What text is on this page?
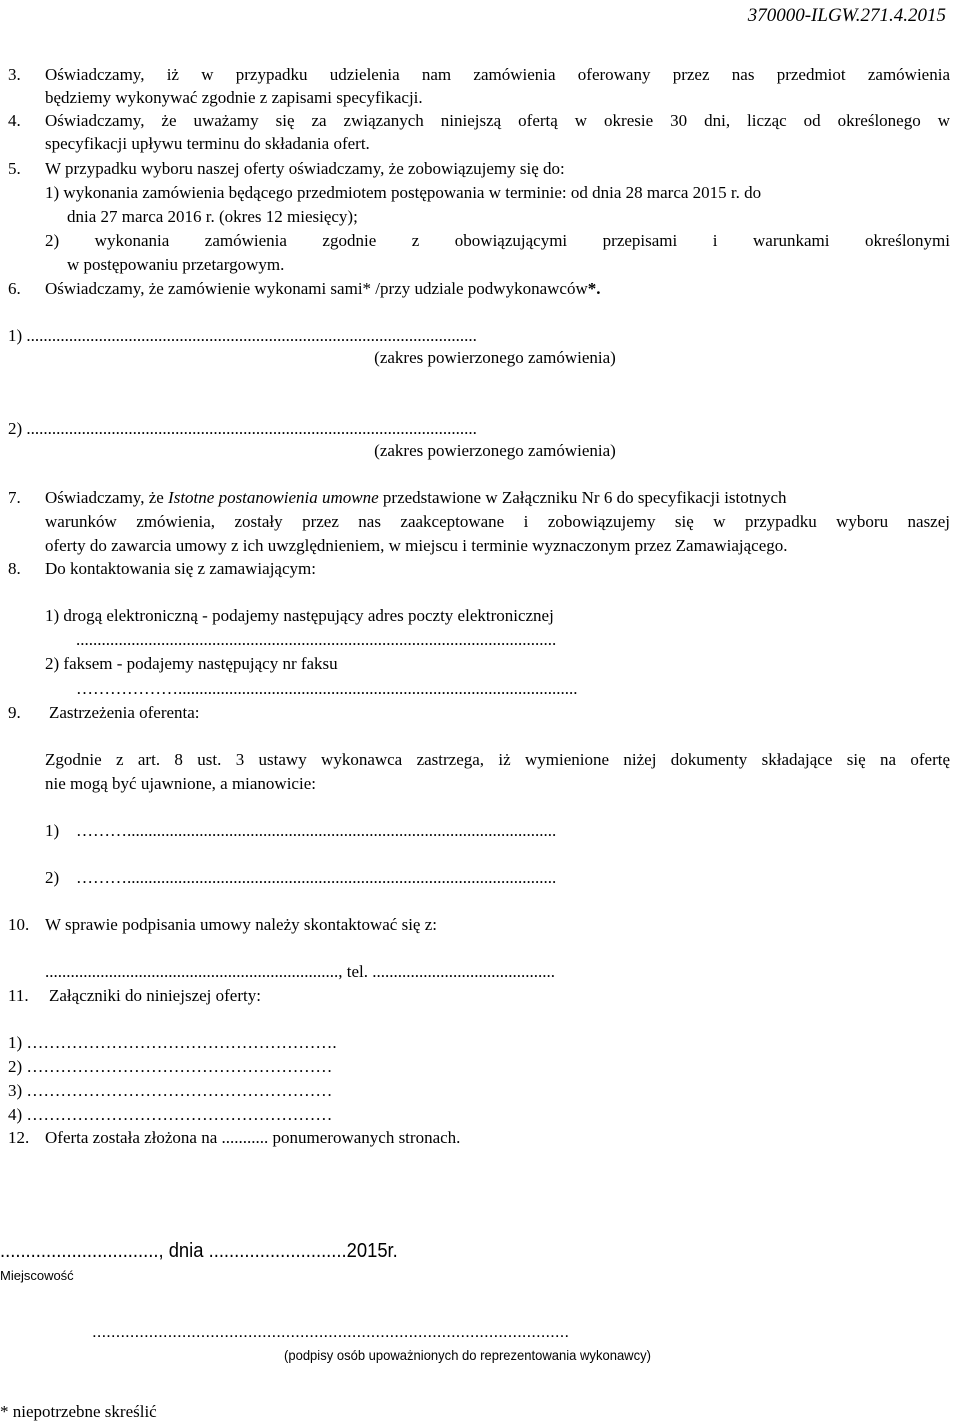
370000-ILGW.271.4.2015
3. Oświadczamy, iż w przypadku udzielenia nam zamówienia oferowany przez nas przedmiot zamówienia
będziemy wykonywać zgodnie z zapisami specyfikacji.
4. Oświadczamy, że uważamy się za związanych niniejszą ofertą w okresie 30 dni, licząc od określonego w
specyfikacji upływu terminu do składania ofert.
5. W przypadku wyboru naszej oferty oświadczamy, że zobowiązujemy się do:
1) wykonania zamówienia będącego przedmiotem postępowania w terminie: od dnia 28 marca 2015 r. do
dnia 27 marca 2016 r. (okres 12 miesięcy);
2) wykonania zamówienia zgodnie z obowiązującymi przepisami i warunkami określonymi
w postępowaniu przetargowym.
6. Oświadczamy, że zamówienie wykonami sami* /przy udziale podwykonawców*.
1) ..........................................................................................................
(zakres powierzonego zamówienia)
2) ..........................................................................................................
(zakres powierzonego zamówienia)
7. Oświadczamy, że Istotne postanowienia umowne przedstawione w Załączniku Nr 6 do specyfikacji istotnych
warunków zmówienia, zostały przez nas zaakceptowane i zobowiązujemy się w przypadku wyboru naszej
oferty do zawarcia umowy z ich uwzględnieniem, w miejscu i terminie wyznaczonym przez Zamawiającego.
8. Do kontaktowania się z zamawiającym:
1) drogą elektroniczną - podajemy następujący adres poczty elektronicznej
.................................................................................................................
2) faksem - podajemy następujący nr faksu
………………..............................................................................................
9. Zastrzeżenia oferenta:
Zgodnie z art. 8 ust. 3 ustawy wykonawca zastrzega, iż wymienione niżej dokumenty składające się na ofertę
nie mogą być ujawnione, a mianowicie:
1) ……….....................................................................................................
2) ……….....................................................................................................
10. W sprawie podpisania umowy należy skontaktować się z:
....................................................................., tel. ...........................................
11. Załączniki do niniejszej oferty:
1) ……………………………………………….
2) ………………………………………………
3) ………………………………………………
4) ………………………………………………
12. Oferta została złożona na ........... ponumerowanych stronach.
..............................., dnia ...........................2015r.
Miejscowość
.....................................................................................................
(podpisy osób upoważnionych do reprezentowania wykonawcy)
* niepotrzebne skreślić
